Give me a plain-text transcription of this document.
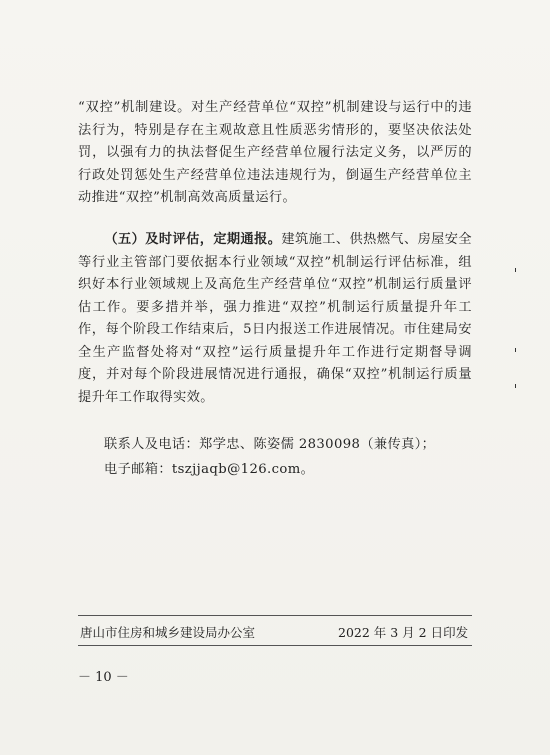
“双控”机制建设。对生产经营单位“双控”机制建设与运行中的违法行为，特别是存在主观故意且性质恶劣情形的，要坚决依法处罚，以强有力的执法督促生产经营单位履行法定义务，以严厉的行政处罚惩处生产经营单位违法违规行为，倒逼生产经营单位主动推进“双控”机制高效高质量运行。

（五）及时评估，定期通报。建筑施工、供热燃气、房屋安全等行业主管部门要依据本行业领域“双控”机制运行评估标准，组织好本行业领域规上及高危生产经营单位“双控”机制运行质量评估工作。要多措并举，强力推进“双控”机制运行质量提升年工作，每个阶段工作结束后，5日内报送工作进展情况。市住建局安全生产监督处将对“双控”运行质量提升年工作进行定期督导调度，并对每个阶段进展情况进行通报，确保“双控”机制运行质量提升年工作取得实效。

联系人及电话：郑学忠、陈姿儒 2830098（兼传真）；
电子邮箱：tszjjaqb@126.com。
唐山市住房和城乡建设局办公室	2022 年 3 月 2 日印发
－ 10 －
